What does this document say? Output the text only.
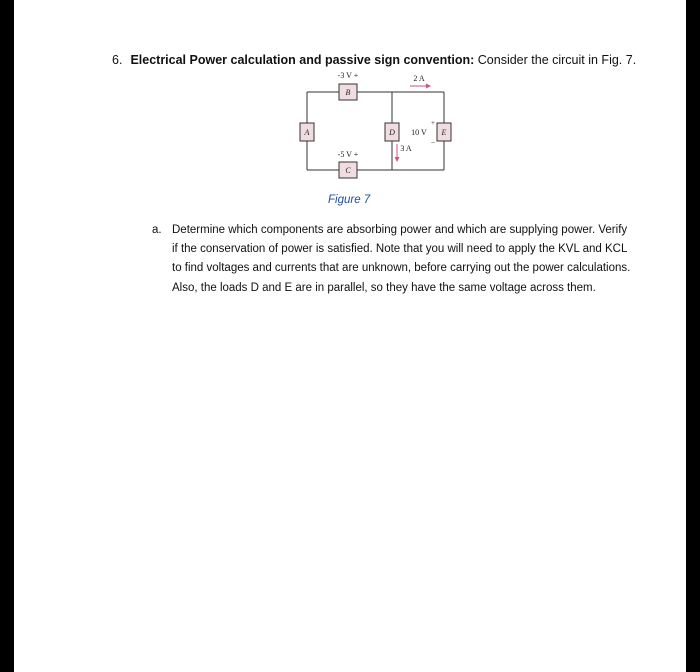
6. Electrical Power calculation and passive sign convention: Consider the circuit in Fig. 7.
B
A	D	E
C
-3 V +	2 A
-5 V +
+
10 V
–
3 A
Figure 7
a. Determine which components are absorbing power and which are supplying power. Verify if the conservation of power is satisfied. Note that you will need to apply the KVL and KCL to find voltages and currents that are unknown, before carrying out the power calculations. Also, the loads D and E are in parallel, so they have the same voltage across them.
